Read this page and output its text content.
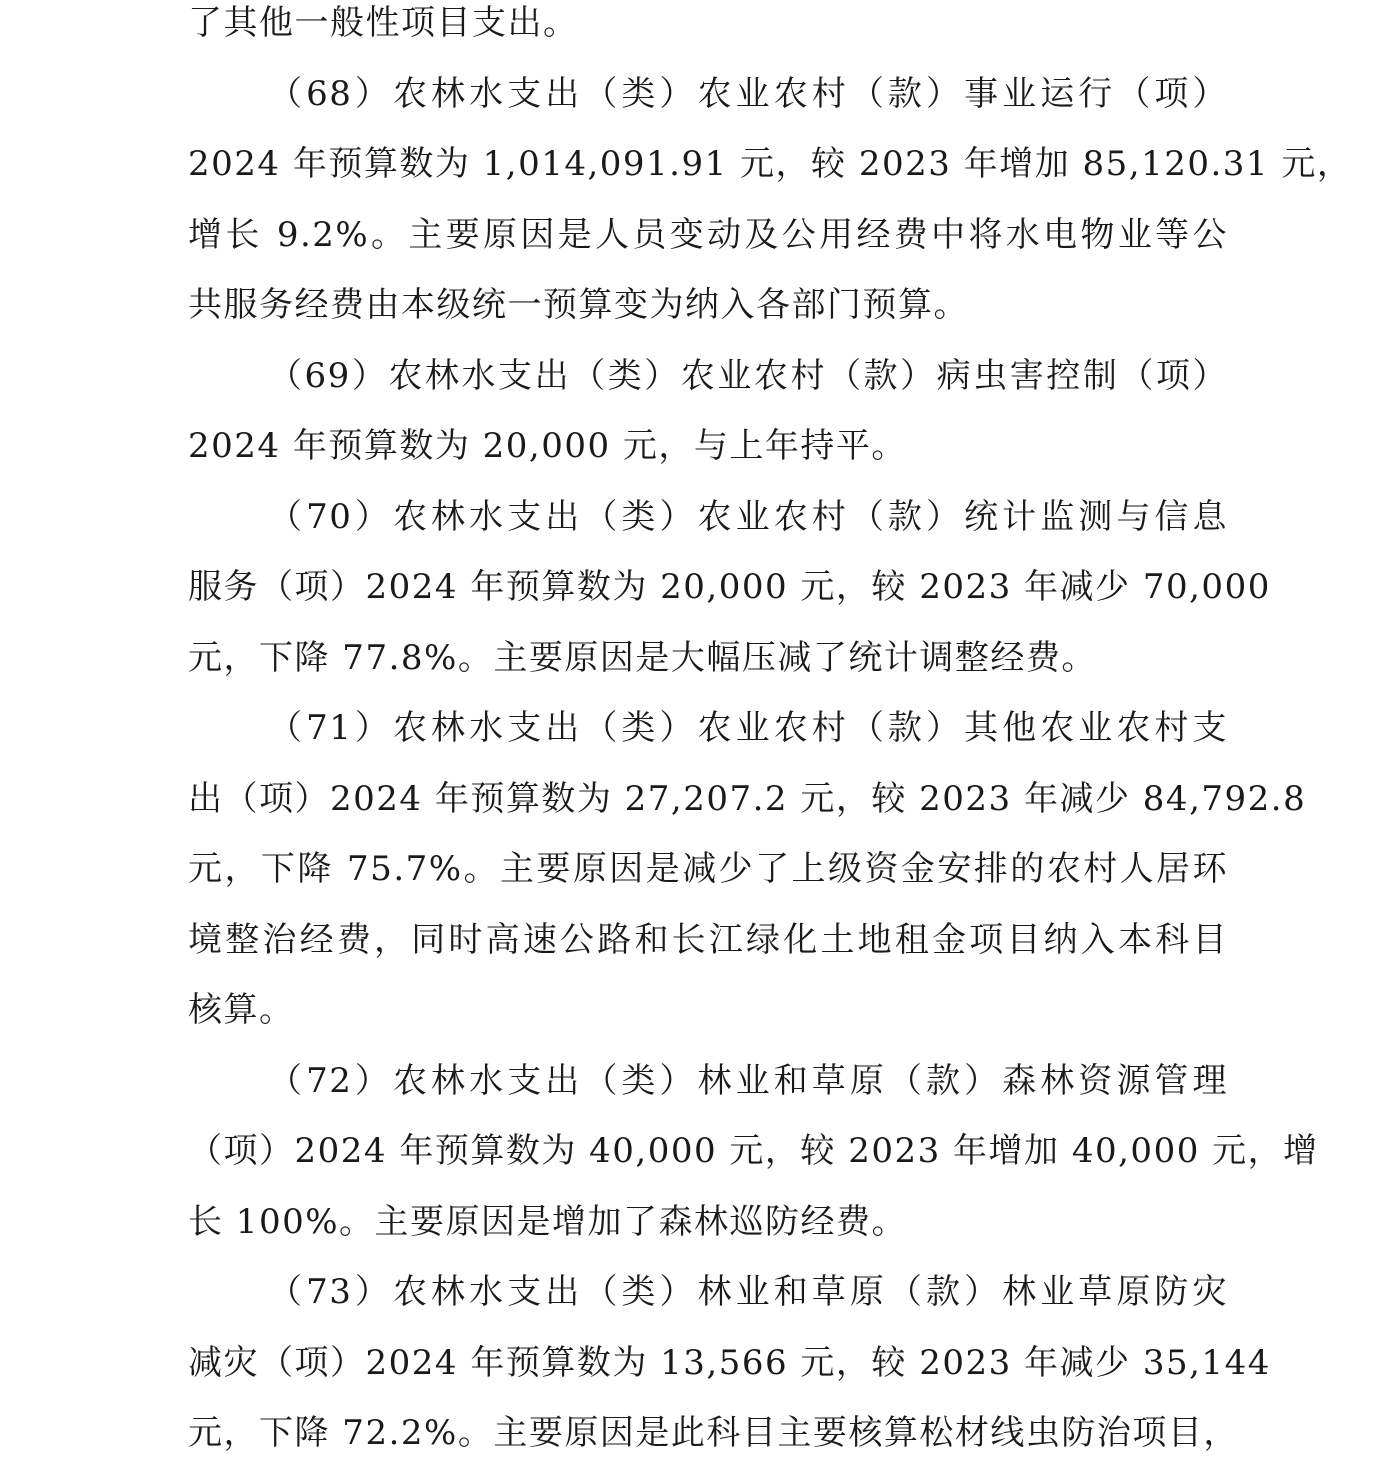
了其他一般性项目支出。
（68）农林水支出（类）农业农村（款）事业运行（项）
2024 年预算数为 1,014,091.91 元，较 2023 年增加 85,120.31 元，
增长 9.2%。主要原因是人员变动及公用经费中将水电物业等公
共服务经费由本级统一预算变为纳入各部门预算。
（69）农林水支出（类）农业农村（款）病虫害控制（项）
2024 年预算数为 20,000 元，与上年持平。
（70）农林水支出（类）农业农村（款）统计监测与信息
服务（项）2024 年预算数为 20,000 元，较 2023 年减少 70,000
元，下降 77.8%。主要原因是大幅压减了统计调整经费。
（71）农林水支出（类）农业农村（款）其他农业农村支
出（项）2024 年预算数为 27,207.2 元，较 2023 年减少 84,792.8
元，下降 75.7%。主要原因是减少了上级资金安排的农村人居环
境整治经费，同时高速公路和长江绿化土地租金项目纳入本科目
核算。
（72）农林水支出（类）林业和草原（款）森林资源管理
（项）2024 年预算数为 40,000 元，较 2023 年增加 40,000 元，增
长 100%。主要原因是增加了森林巡防经费。
（73）农林水支出（类）林业和草原（款）林业草原防灾
减灾（项）2024 年预算数为 13,566 元，较 2023 年减少 35,144
元，下降 72.2%。主要原因是此科目主要核算松材线虫防治项目，
